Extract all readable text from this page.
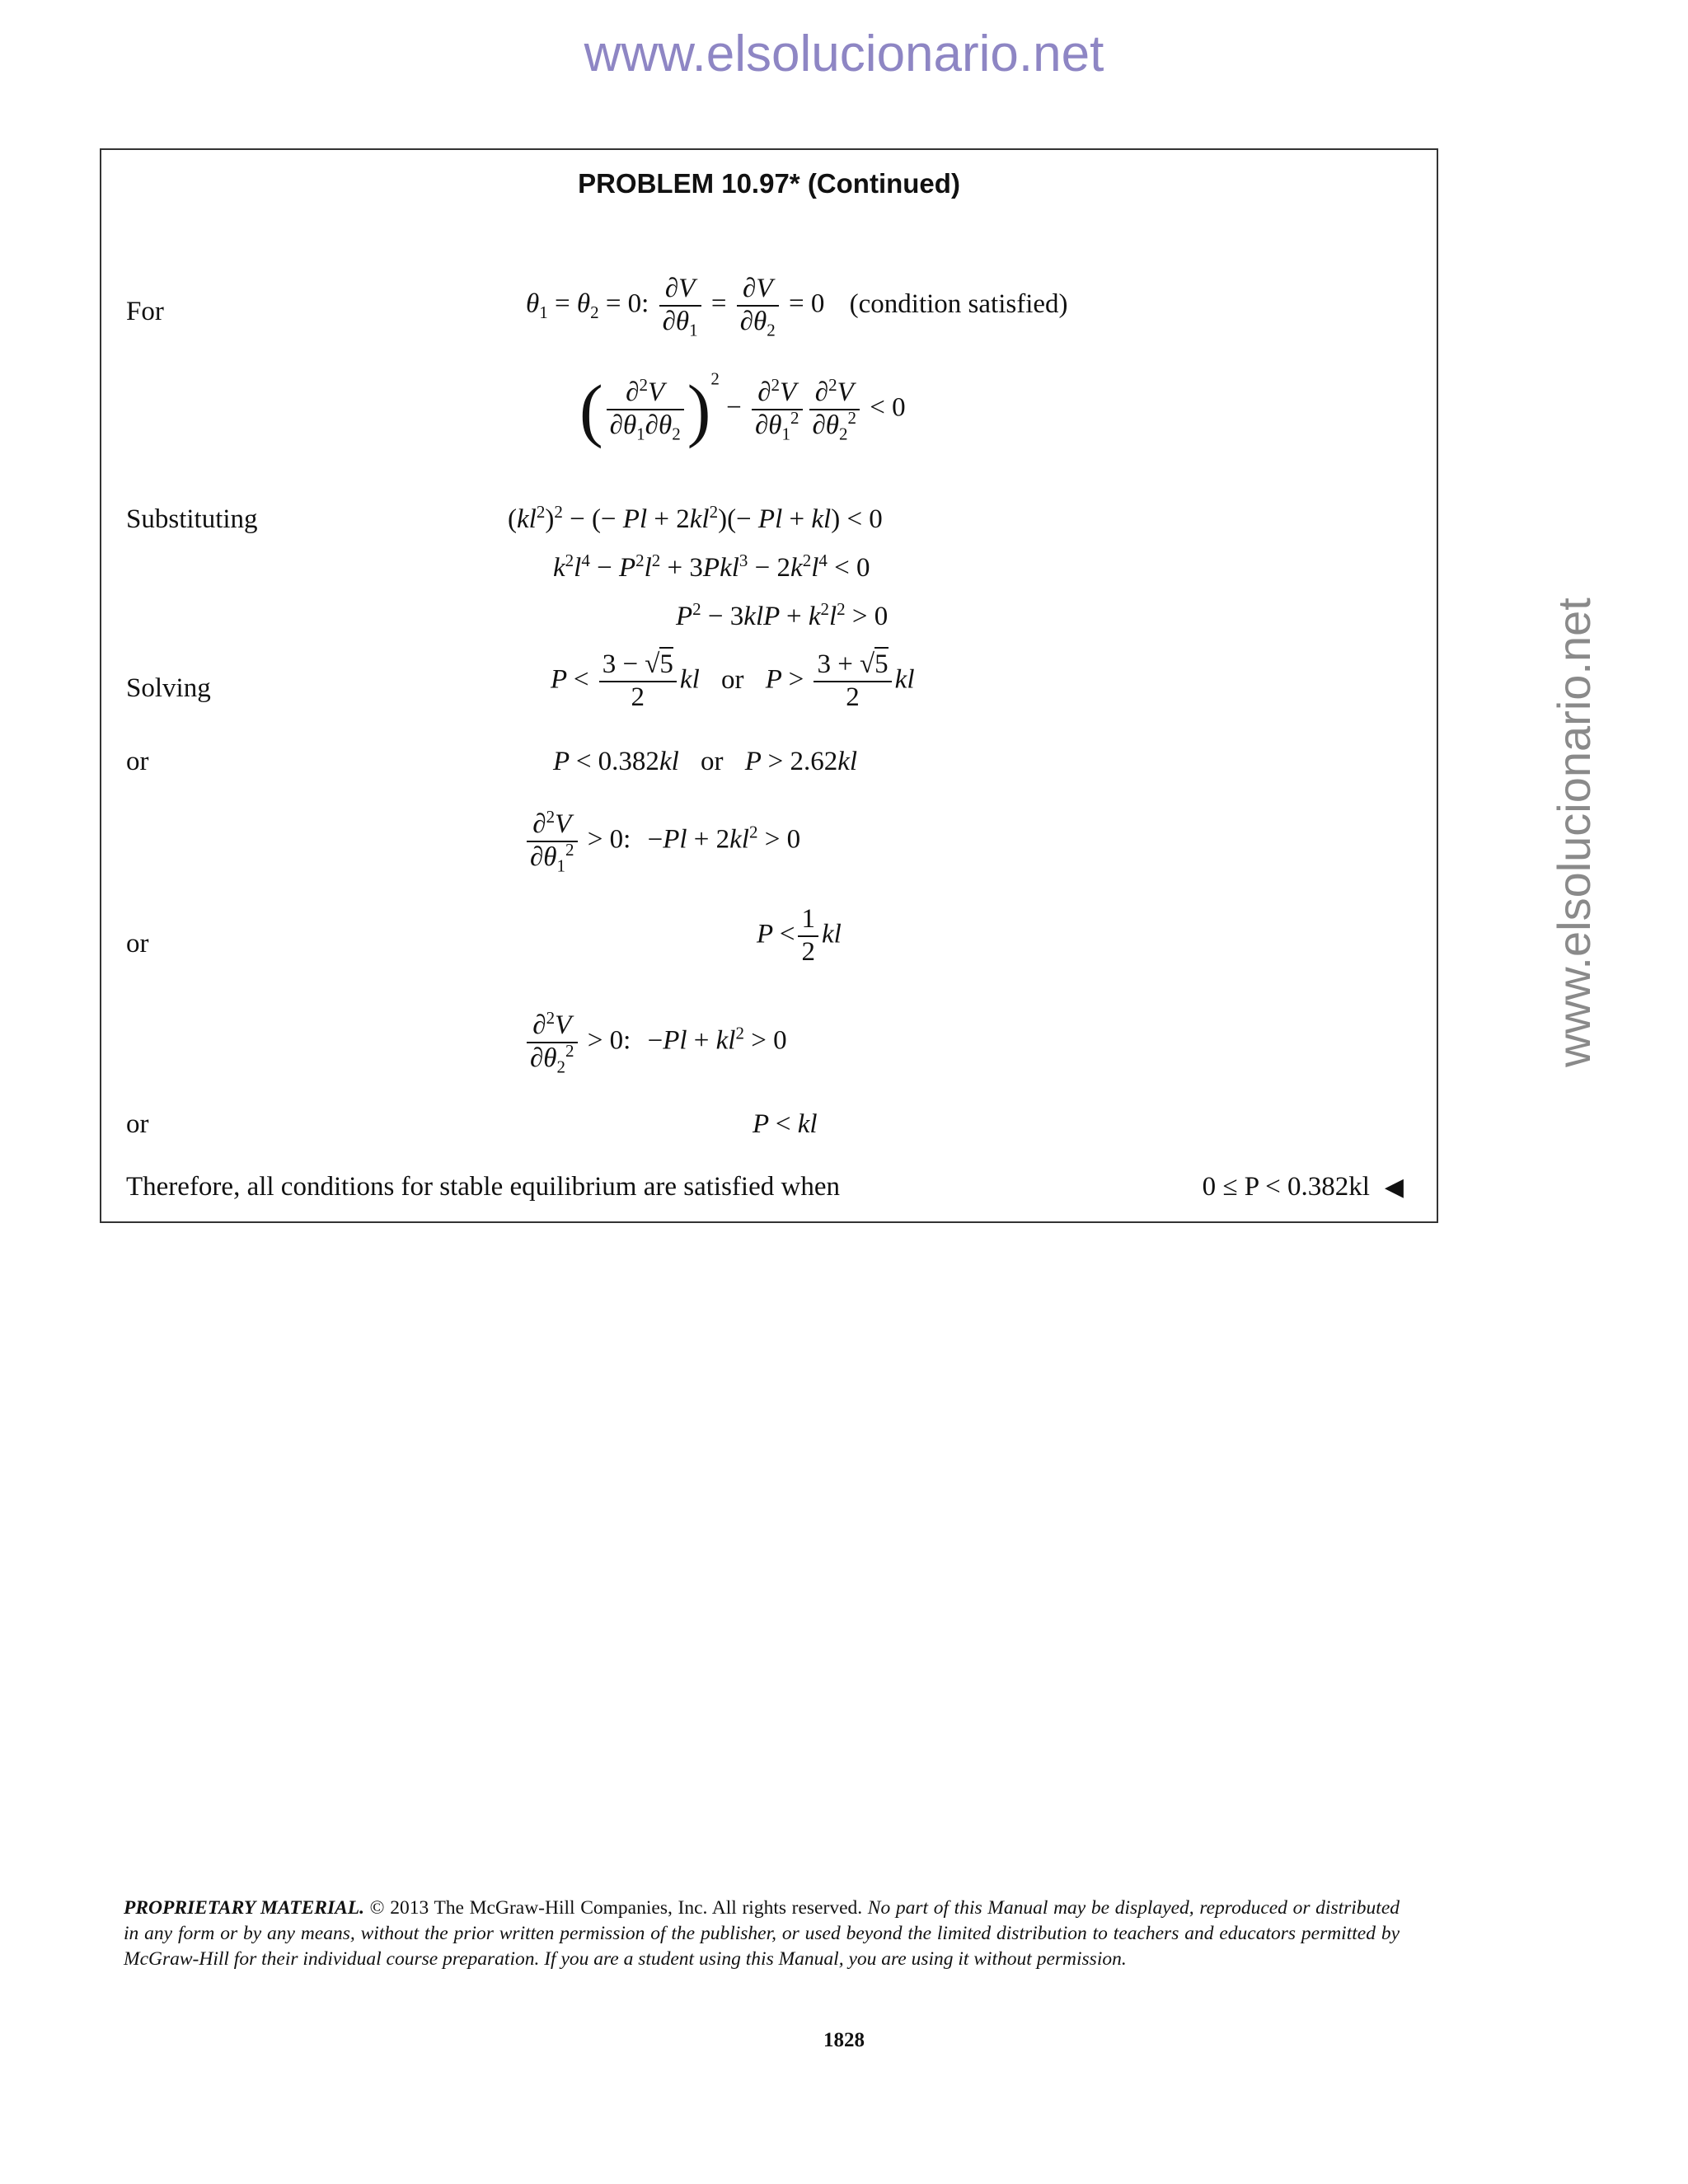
www.elsolucionario.net
www.elsolucionario.net
PROBLEM 10.97* (Continued)
For	$\theta_1 = \theta_2 = 0$: $\frac{\partial V}{\partial\theta_1} = \frac{\partial V}{\partial\theta_2} = 0$ (condition satisfied)
( $\frac{\partial^2V}{\partial\theta_1\partial\theta_2} )^2 - \frac{\partial^2V}{\partial\theta_1^2} \frac{\partial^2V}{\partial\theta_2^2} < 0$
Substituting	$(kl^2)^2$ − (− $Pl + 2kl^2)(- Pl + kl) < 0$
$k^2l^4 - P^2l^2 + 3Pkl^3 - 2k^2l^4 < 0$
$P^2 - 3klP + k^2l^2 > 0$
Solving	$P < \frac{3 - √5}{2}$ kl or $P > \frac{3 + √5}{2}$ kl
or	P < 0.382kl or P > 2.62kl
$\frac{\partial^2V}{\partial\theta_1^2} > 0$: $-Pl + 2kl^2 > 0$
or	$P < \frac{1}{2}$ kl
$\frac{\partial^2V}{\partial\theta_2^2} > 0$: $-Pl + kl^2 > 0$
or	P < kl
Therefore, all conditions for stable equilibrium are satisfied when	0 ≤ P < 0.382kl ◀
PROPRIETARY MATERIAL. © 2013 The McGraw-Hill Companies, Inc. All rights reserved. No part of this Manual may be displayed, reproduced or distributed in any form or by any means, without the prior written permission of the publisher, or used beyond the limited distribution to teachers and educators permitted by McGraw-Hill for their individual course preparation. If you are a student using this Manual, you are using it without permission.
1828
